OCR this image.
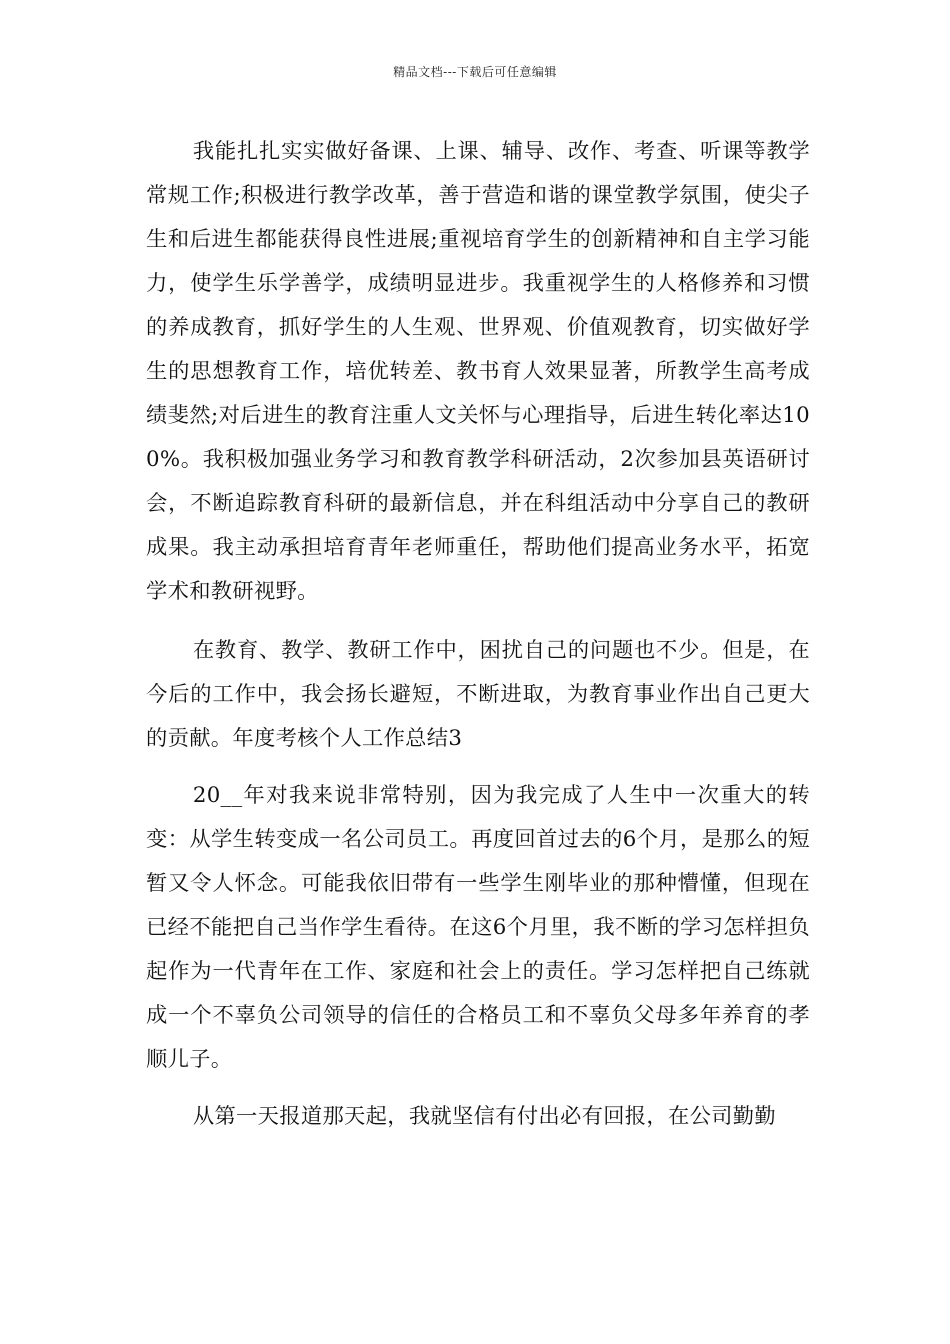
精品文档---下载后可任意编辑

我能扎扎实实做好备课、上课、辅导、改作、考查、听课等教学常规工作;积极进行教学改革，善于营造和谐的课堂教学氛围，使尖子生和后进生都能获得良性进展;重视培育学生的创新精神和自主学习能力，使学生乐学善学，成绩明显进步。我重视学生的人格修养和习惯的养成教育，抓好学生的人生观、世界观、价值观教育，切实做好学生的思想教育工作，培优转差、教书育人效果显著，所教学生高考成绩斐然;对后进生的教育注重人文关怀与心理指导，后进生转化率达100%。我积极加强业务学习和教育教学科研活动，2次参加县英语研讨会，不断追踪教育科研的最新信息，并在科组活动中分享自己的教研成果。我主动承担培育青年老师重任，帮助他们提高业务水平，拓宽学术和教研视野。

在教育、教学、教研工作中，困扰自己的问题也不少。但是，在今后的工作中，我会扬长避短，不断进取，为教育事业作出自己更大的贡献。年度考核个人工作总结3

20__年对我来说非常特别，因为我完成了人生中一次重大的转变：从学生转变成一名公司员工。再度回首过去的6个月，是那么的短暂又令人怀念。可能我依旧带有一些学生刚毕业的那种懵懂，但现在已经不能把自己当作学生看待。在这6个月里，我不断的学习怎样担负起作为一代青年在工作、家庭和社会上的责任。学习怎样把自己练就成一个不辜负公司领导的信任的合格员工和不辜负父母多年养育的孝顺儿子。

从第一天报道那天起，我就坚信有付出必有回报，在公司勤勤
